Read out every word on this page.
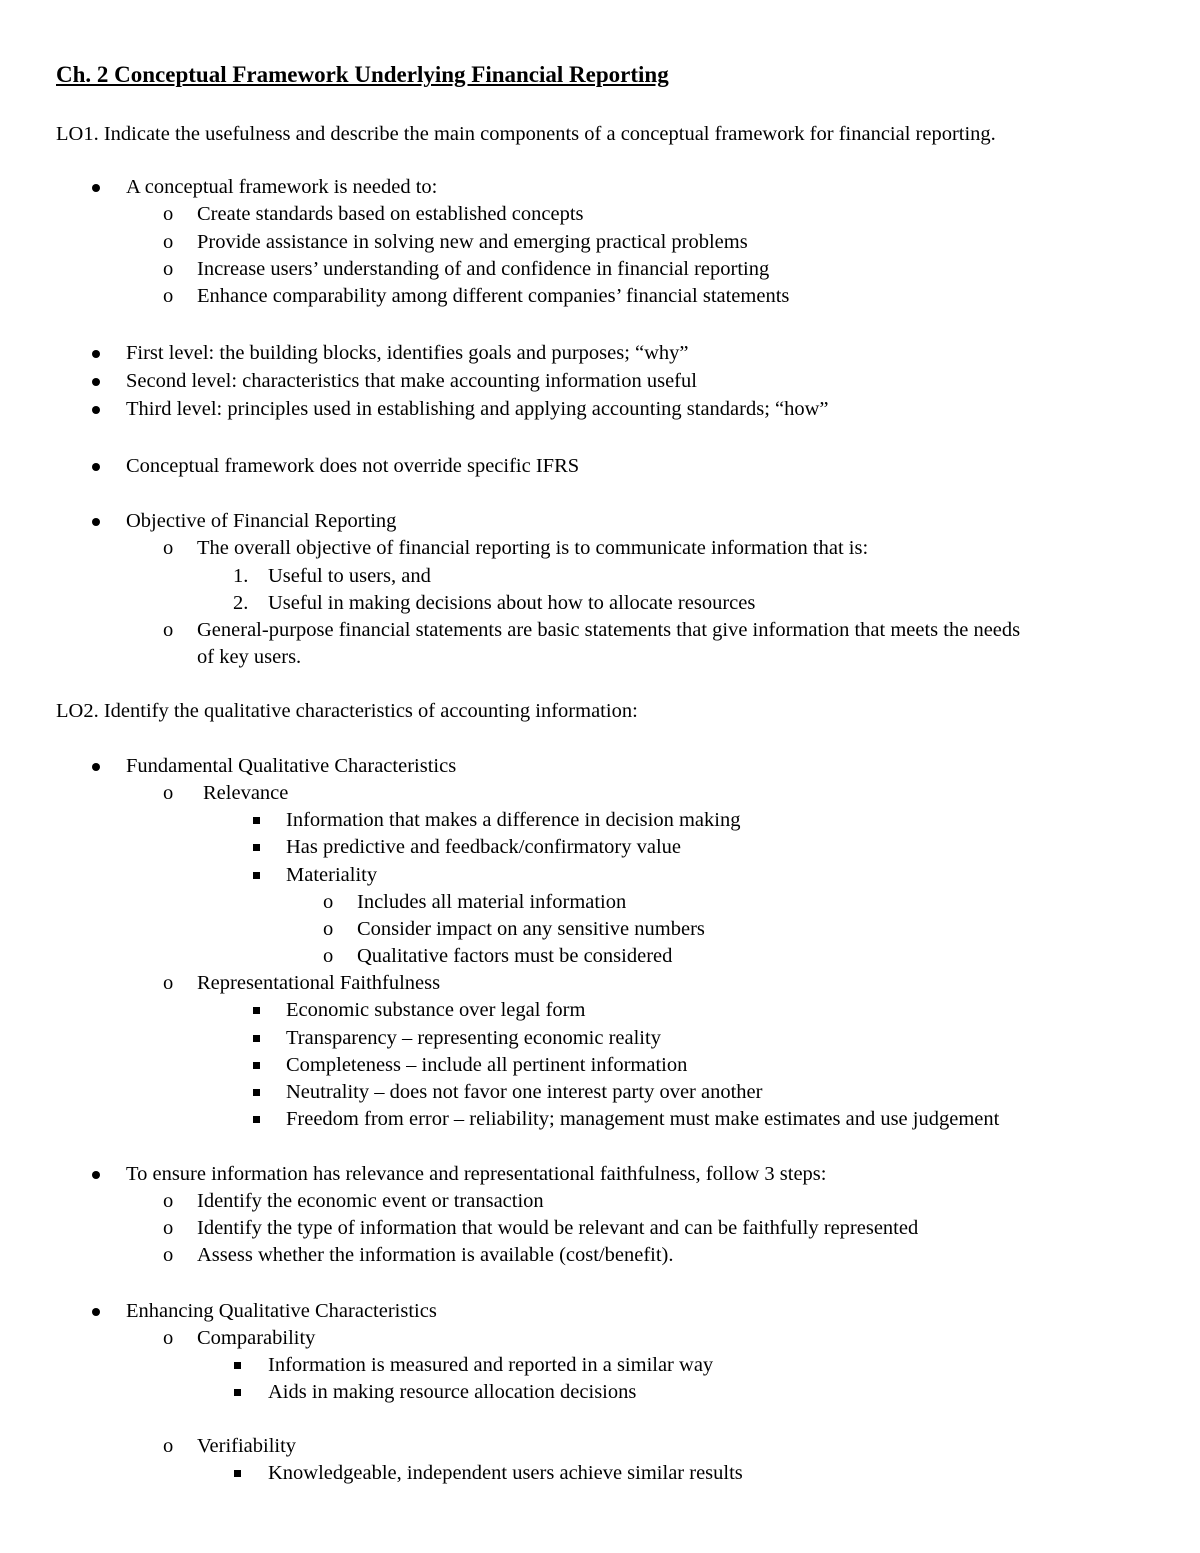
Ch. 2 Conceptual Framework Underlying Financial Reporting
LO1. Indicate the usefulness and describe the main components of a conceptual framework for financial reporting.
A conceptual framework is needed to:
o Create standards based on established concepts
o Provide assistance in solving new and emerging practical problems
o Increase users’ understanding of and confidence in financial reporting
o Enhance comparability among different companies’ financial statements
First level: the building blocks, identifies goals and purposes; “why”
Second level: characteristics that make accounting information useful
Third level: principles used in establishing and applying accounting standards; “how”
Conceptual framework does not override specific IFRS
Objective of Financial Reporting
o The overall objective of financial reporting is to communicate information that is:
1. Useful to users, and
2. Useful in making decisions about how to allocate resources
o General-purpose financial statements are basic statements that give information that meets the needs
of key users.
LO2. Identify the qualitative characteristics of accounting information:
Fundamental Qualitative Characteristics
o Relevance
Information that makes a difference in decision making
Has predictive and feedback/confirmatory value
Materiality
o Includes all material information
o Consider impact on any sensitive numbers
o Qualitative factors must be considered
o Representational Faithfulness
Economic substance over legal form
Transparency – representing economic reality
Completeness – include all pertinent information
Neutrality – does not favor one interest party over another
Freedom from error – reliability; management must make estimates and use judgement
To ensure information has relevance and representational faithfulness, follow 3 steps:
o Identify the economic event or transaction
o Identify the type of information that would be relevant and can be faithfully represented
o Assess whether the information is available (cost/benefit).
Enhancing Qualitative Characteristics
o Comparability
Information is measured and reported in a similar way
Aids in making resource allocation decisions
o Verifiability
Knowledgeable, independent users achieve similar results
